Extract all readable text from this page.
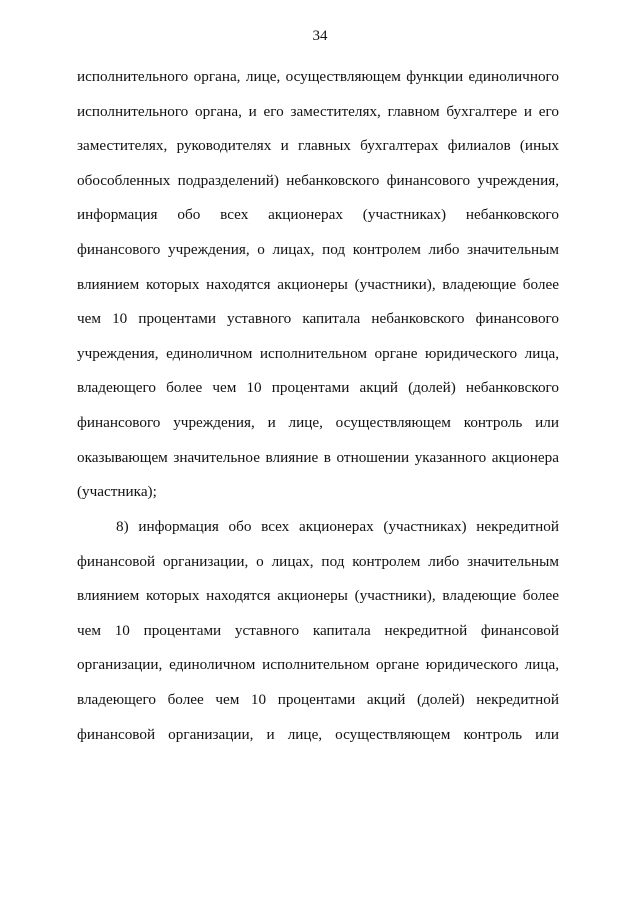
34
исполнительного органа, лице, осуществляющем функции единоличного
исполнительного органа, и его заместителях, главном бухгалтере и его
заместителях, руководителях и главных бухгалтерах филиалов (иных
обособленных подразделений) небанковского финансового учреждения,
информация обо всех акционерах (участниках) небанковского
финансового учреждения, о лицах, под контролем либо значительным
влиянием которых находятся акционеры (участники), владеющие более
чем 10 процентами уставного капитала небанковского финансового
учреждения, единоличном исполнительном органе юридического лица,
владеющего более чем 10 процентами акций (долей) небанковского
финансового учреждения, и лице, осуществляющем контроль или
оказывающем значительное влияние в отношении указанного акционера
(участника);
8) информация обо всех акционерах (участниках) некредитной
финансовой организации, о лицах, под контролем либо значительным
влиянием которых находятся акционеры (участники), владеющие более
чем 10 процентами уставного капитала некредитной финансовой
организации, единоличном исполнительном органе юридического лица,
владеющего более чем 10 процентами акций (долей) некредитной
финансовой организации, и лице, осуществляющем контроль или
